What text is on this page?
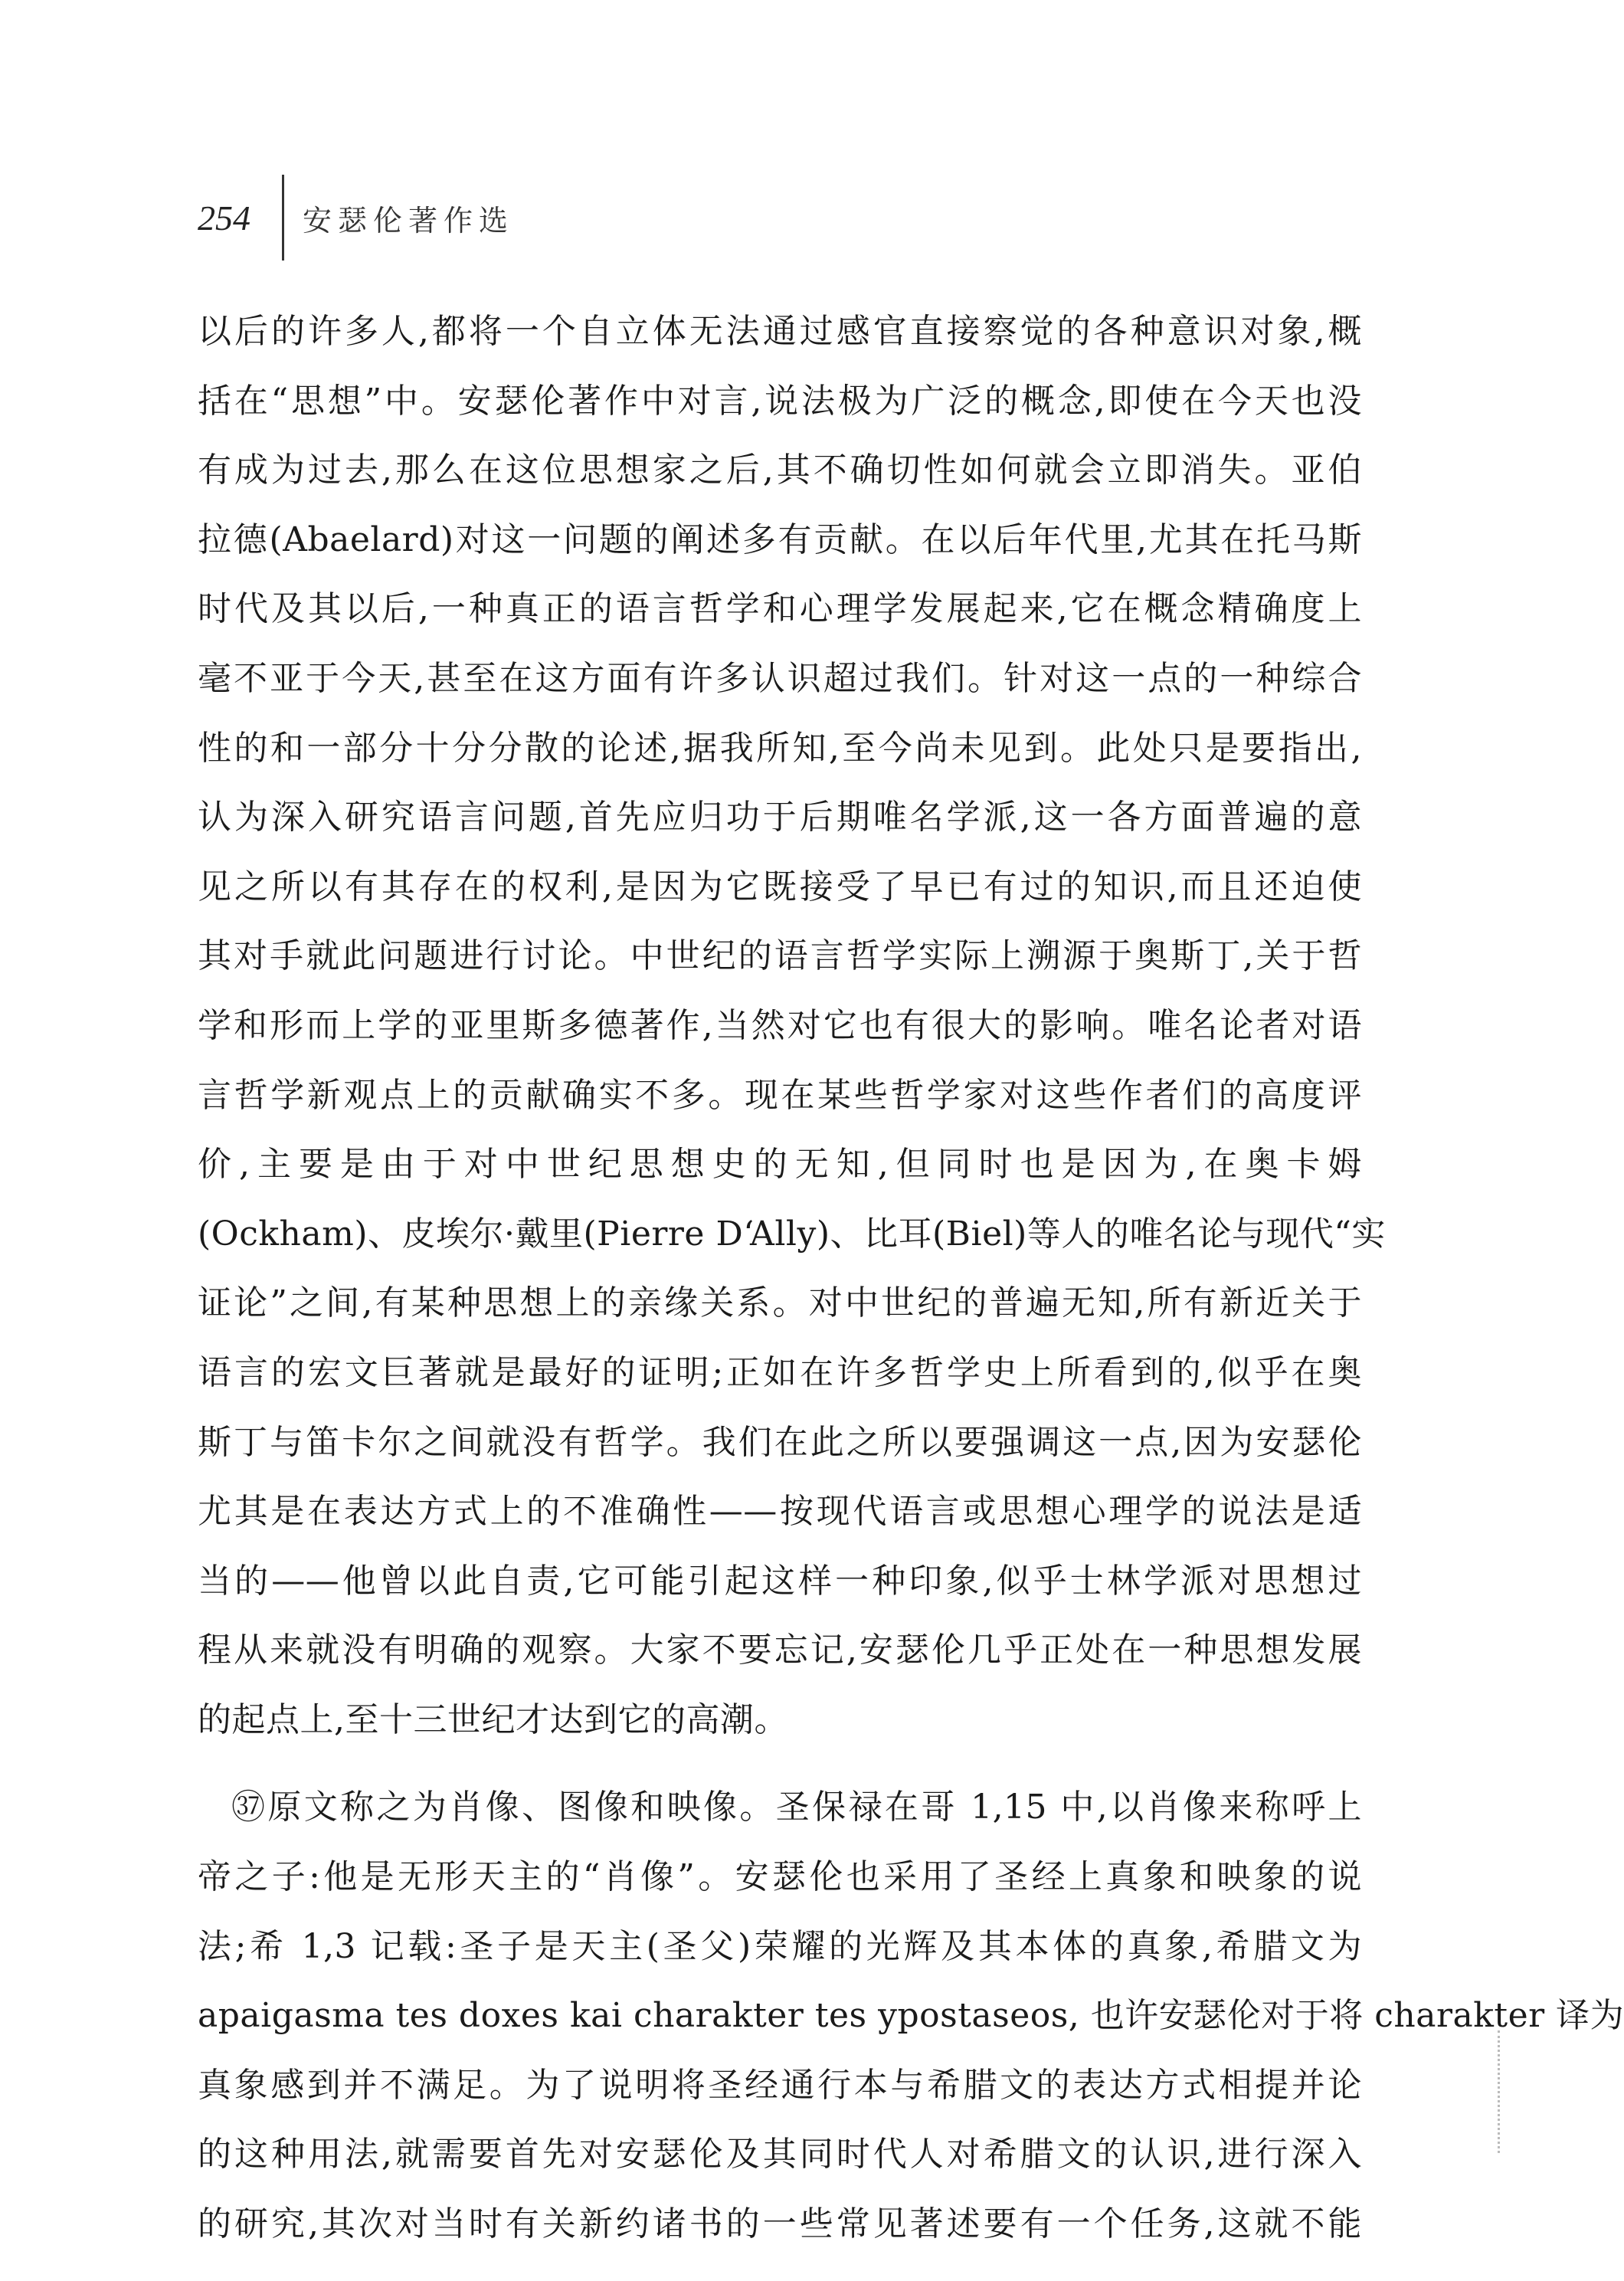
254	安瑟伦著作选
以后的许多人,都将一个自立体无法通过感官直接察觉的各种意识对象,概
括在“思想”中。安瑟伦著作中对言,说法极为广泛的概念,即使在今天也没
有成为过去,那么在这位思想家之后,其不确切性如何就会立即消失。亚伯
拉德(Abaelard)对这一问题的阐述多有贡献。在以后年代里,尤其在托马斯
时代及其以后,一种真正的语言哲学和心理学发展起来,它在概念精确度上
毫不亚于今天,甚至在这方面有许多认识超过我们。针对这一点的一种综合
性的和一部分十分分散的论述,据我所知,至今尚未见到。此处只是要指出,
认为深入研究语言问题,首先应归功于后期唯名学派,这一各方面普遍的意
见之所以有其存在的权利,是因为它既接受了早已有过的知识,而且还迫使
其对手就此问题进行讨论。中世纪的语言哲学实际上溯源于奥斯丁,关于哲
学和形而上学的亚里斯多德著作,当然对它也有很大的影响。唯名论者对语
言哲学新观点上的贡献确实不多。现在某些哲学家对这些作者们的高度评
价,主要是由于对中世纪思想史的无知,但同时也是因为,在奥卡姆
(Ockham)、皮埃尔·戴里(Pierre D‘Ally)、比耳(Biel)等人的唯名论与现代“实
证论”之间,有某种思想上的亲缘关系。对中世纪的普遍无知,所有新近关于
语言的宏文巨著就是最好的证明;正如在许多哲学史上所看到的,似乎在奥
斯丁与笛卡尔之间就没有哲学。我们在此之所以要强调这一点,因为安瑟伦
尤其是在表达方式上的不准确性——按现代语言或思想心理学的说法是适
当的——他曾以此自责,它可能引起这样一种印象,似乎士林学派对思想过
程从来就没有明确的观察。大家不要忘记,安瑟伦几乎正处在一种思想发展
的起点上,至十三世纪才达到它的高潮。
㊲原文称之为肖像、图像和映像。圣保禄在哥 1,15 中,以肖像来称呼上
帝之子:他是无形天主的“肖像”。安瑟伦也采用了圣经上真象和映象的说
法;希 1,3 记载:圣子是天主(圣父)荣耀的光辉及其本体的真象,希腊文为
apaigasma tes doxes kai charakter tes ypostaseos, 也许安瑟伦对于将 charakter 译为
真象感到并不满足。为了说明将圣经通行本与希腊文的表达方式相提并论
的这种用法,就需要首先对安瑟伦及其同时代人对希腊文的认识,进行深入
的研究,其次对当时有关新约诸书的一些常见著述要有一个任务,这就不能
